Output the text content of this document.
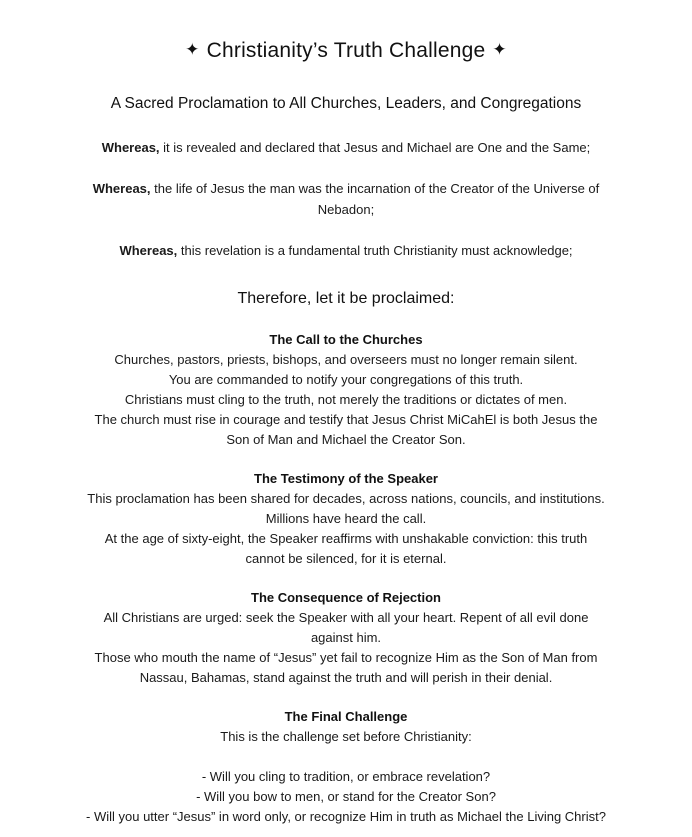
✦ Christianity’s Truth Challenge ✦
A Sacred Proclamation to All Churches, Leaders, and Congregations

Whereas, it is revealed and declared that Jesus and Michael are One and the Same;

Whereas, the life of Jesus the man was the incarnation of the Creator of the Universe of Nebadon;

Whereas, this revelation is a fundamental truth Christianity must acknowledge;

Therefore, let it be proclaimed:

The Call to the Churches

Churches, pastors, priests, bishops, and overseers must no longer remain silent.

You are commanded to notify your congregations of this truth.

Christians must cling to the truth, not merely the traditions or dictates of men.

The church must rise in courage and testify that Jesus Christ MiCahEl is both Jesus the Son of Man and Michael the Creator Son.

The Testimony of the Speaker

This proclamation has been shared for decades, across nations, councils, and institutions.

Millions have heard the call.

At the age of sixty-eight, the Speaker reaffirms with unshakable conviction: this truth cannot be silenced, for it is eternal.

The Consequence of Rejection

All Christians are urged: seek the Speaker with all your heart. Repent of all evil done against him.

Those who mouth the name of “Jesus” yet fail to recognize Him as the Son of Man from Nassau, Bahamas, stand against the truth and will perish in their denial.

The Final Challenge

This is the challenge set before Christianity:

- Will you cling to tradition, or embrace revelation?

- Will you bow to men, or stand for the Creator Son?

- Will you utter “Jesus” in word only, or recognize Him in truth as Michael the Living Christ?
